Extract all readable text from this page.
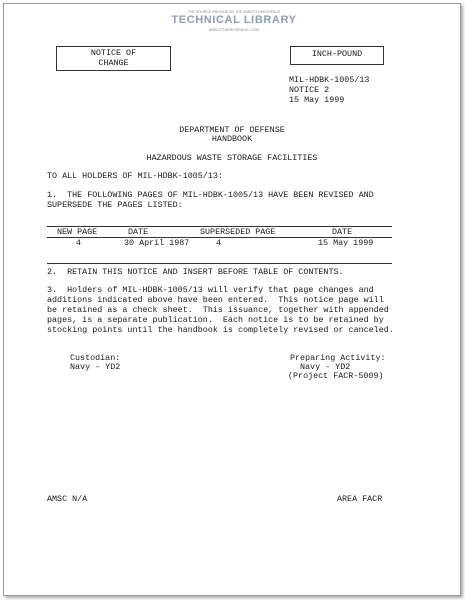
THE SOURCE PROVIDE BY THE ABBOTT AEROSPACE
TECHNICAL LIBRARY
ABBOTTAEROSPACE.COM
NOTICE OF
CHANGE
INCH-POUND
MIL-HDBK-1005/13
NOTICE 2
15 May 1999
DEPARTMENT OF DEFENSE
HANDBOOK
HAZARDOUS WASTE STORAGE FACILITIES
TO ALL HOLDERS OF MIL-HDBK-1005/13:
1.  THE FOLLOWING PAGES OF MIL-HDBK-1005/13 HAVE BEEN REVISED AND
SUPERSEDE THE PAGES LISTED:
NEW PAGE	DATE	SUPERSEDED PAGE	DATE
4	30 April 1987	4	15 May 1999
2.  RETAIN THIS NOTICE AND INSERT BEFORE TABLE OF CONTENTS.
3.  Holders of MIL-HDBK-1005/13 will verify that page changes and
additions indicated above have been entered.  This notice page will
be retained as a check sheet.  This issuance, together with appended
pages, is a separate publication.  Each notice is to be retained by
stocking points until the handbook is completely revised or canceled.
Custodian:
Navy - YD2
Preparing Activity:
Navy - YD2
(Project FACR-5009)
AMSC N/A	AREA FACR
